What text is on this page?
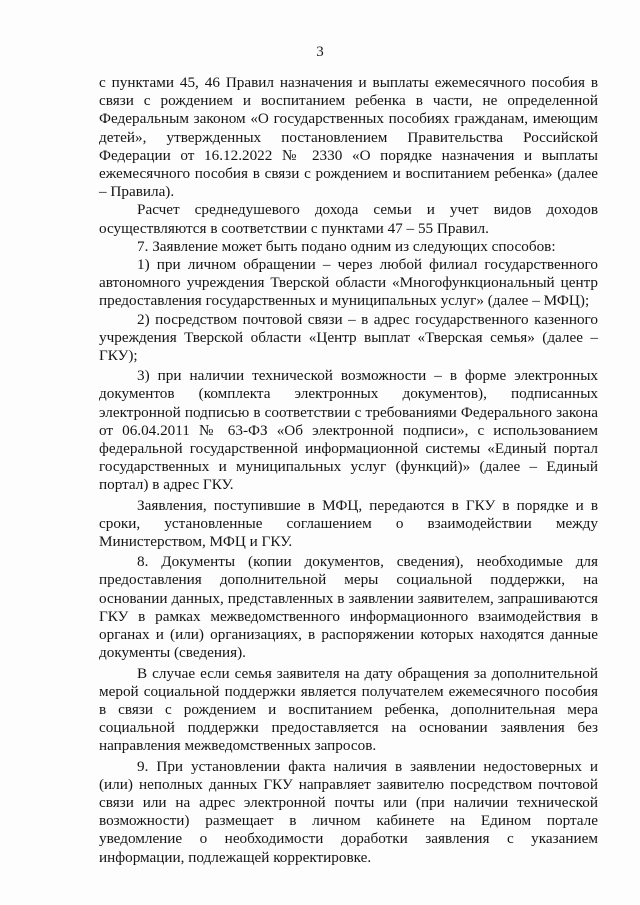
3

с пунктами 45, 46 Правил назначения и выплаты ежемесячного пособия в связи с рождением и воспитанием ребенка в части, не определенной Федеральным законом «О государственных пособиях гражданам, имеющим детей», утвержденных постановлением Правительства Российской Федерации от 16.12.2022 № 2330 «О порядке назначения и выплаты ежемесячного пособия в связи с рождением и воспитанием ребенка» (далее – Правила).

Расчет среднедушевого дохода семьи и учет видов доходов осуществляются в соответствии с пунктами 47 – 55 Правил.

7. Заявление может быть подано одним из следующих способов:

1) при личном обращении – через любой филиал государственного автономного учреждения Тверской области «Многофункциональный центр предоставления государственных и муниципальных услуг» (далее – МФЦ);

2) посредством почтовой связи – в адрес государственного казенного учреждения Тверской области «Центр выплат «Тверская семья» (далее – ГКУ);

3) при наличии технической возможности – в форме электронных документов (комплекта электронных документов), подписанных электронной подписью в соответствии с требованиями Федерального закона от 06.04.2011 № 63-ФЗ «Об электронной подписи», с использованием федеральной государственной информационной системы «Единый портал государственных и муниципальных услуг (функций)» (далее – Единый портал) в адрес ГКУ.

Заявления, поступившие в МФЦ, передаются в ГКУ в порядке и в сроки, установленные соглашением о взаимодействии между Министерством, МФЦ и ГКУ.

8. Документы (копии документов, сведения), необходимые для предоставления дополнительной меры социальной поддержки, на основании данных, представленных в заявлении заявителем, запрашиваются ГКУ в рамках межведомственного информационного взаимодействия в органах и (или) организациях, в распоряжении которых находятся данные документы (сведения).

В случае если семья заявителя на дату обращения за дополнительной мерой социальной поддержки является получателем ежемесячного пособия в связи с рождением и воспитанием ребенка, дополнительная мера социальной поддержки предоставляется на основании заявления без направления межведомственных запросов.

9. При установлении факта наличия в заявлении недостоверных и (или) неполных данных ГКУ направляет заявителю посредством почтовой связи или на адрес электронной почты или (при наличии технической возможности) размещает в личном кабинете на Едином портале уведомление о необходимости доработки заявления с указанием информации, подлежащей корректировке.
